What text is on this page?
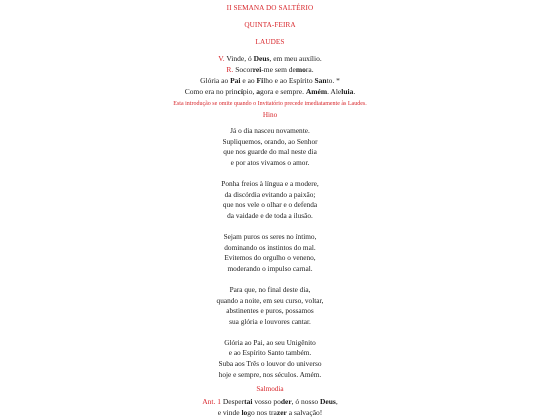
II SEMANA DO SALTÉRIO
QUINTA-FEIRA
LAUDES
V. Vinde, ó Deus, em meu auxílio.
R. Socorrei-me sem demora.
Glória ao Pai e ao Filho e ao Espírito Santo. *
Como era no princípio, agora e sempre. Amém. Aleluia.
Esta introdução se omite quando o Invitatório precede imediatamente às Laudes.
Hino
Já o dia nasceu novamente.
Supliquemos, orando, ao Senhor
que nos guarde do mal neste dia
e por atos vivamos o amor.
Ponha freios à língua e a modere,
da discórdia evitando a paixão;
que nos vele o olhar e o defenda
da vaidade e de toda a ilusão.
Sejam puros os seres no íntimo,
dominando os instintos do mal.
Evitemos do orgulho o veneno,
moderando o impulso carnal.
Para que, no final deste dia,
quando a noite, em seu curso, voltar,
abstinentes e puros, possamos
sua glória e louvores cantar.
Glória ao Pai, ao seu Unigênito
e ao Espírito Santo também.
Suba aos Três o louvor do universo
hoje e sempre, nos séculos. Amém.
Salmodia
Ant. 1 Despertai vosso poder, ó nosso Deus,
e vinde logo nos trazer a salvação!
